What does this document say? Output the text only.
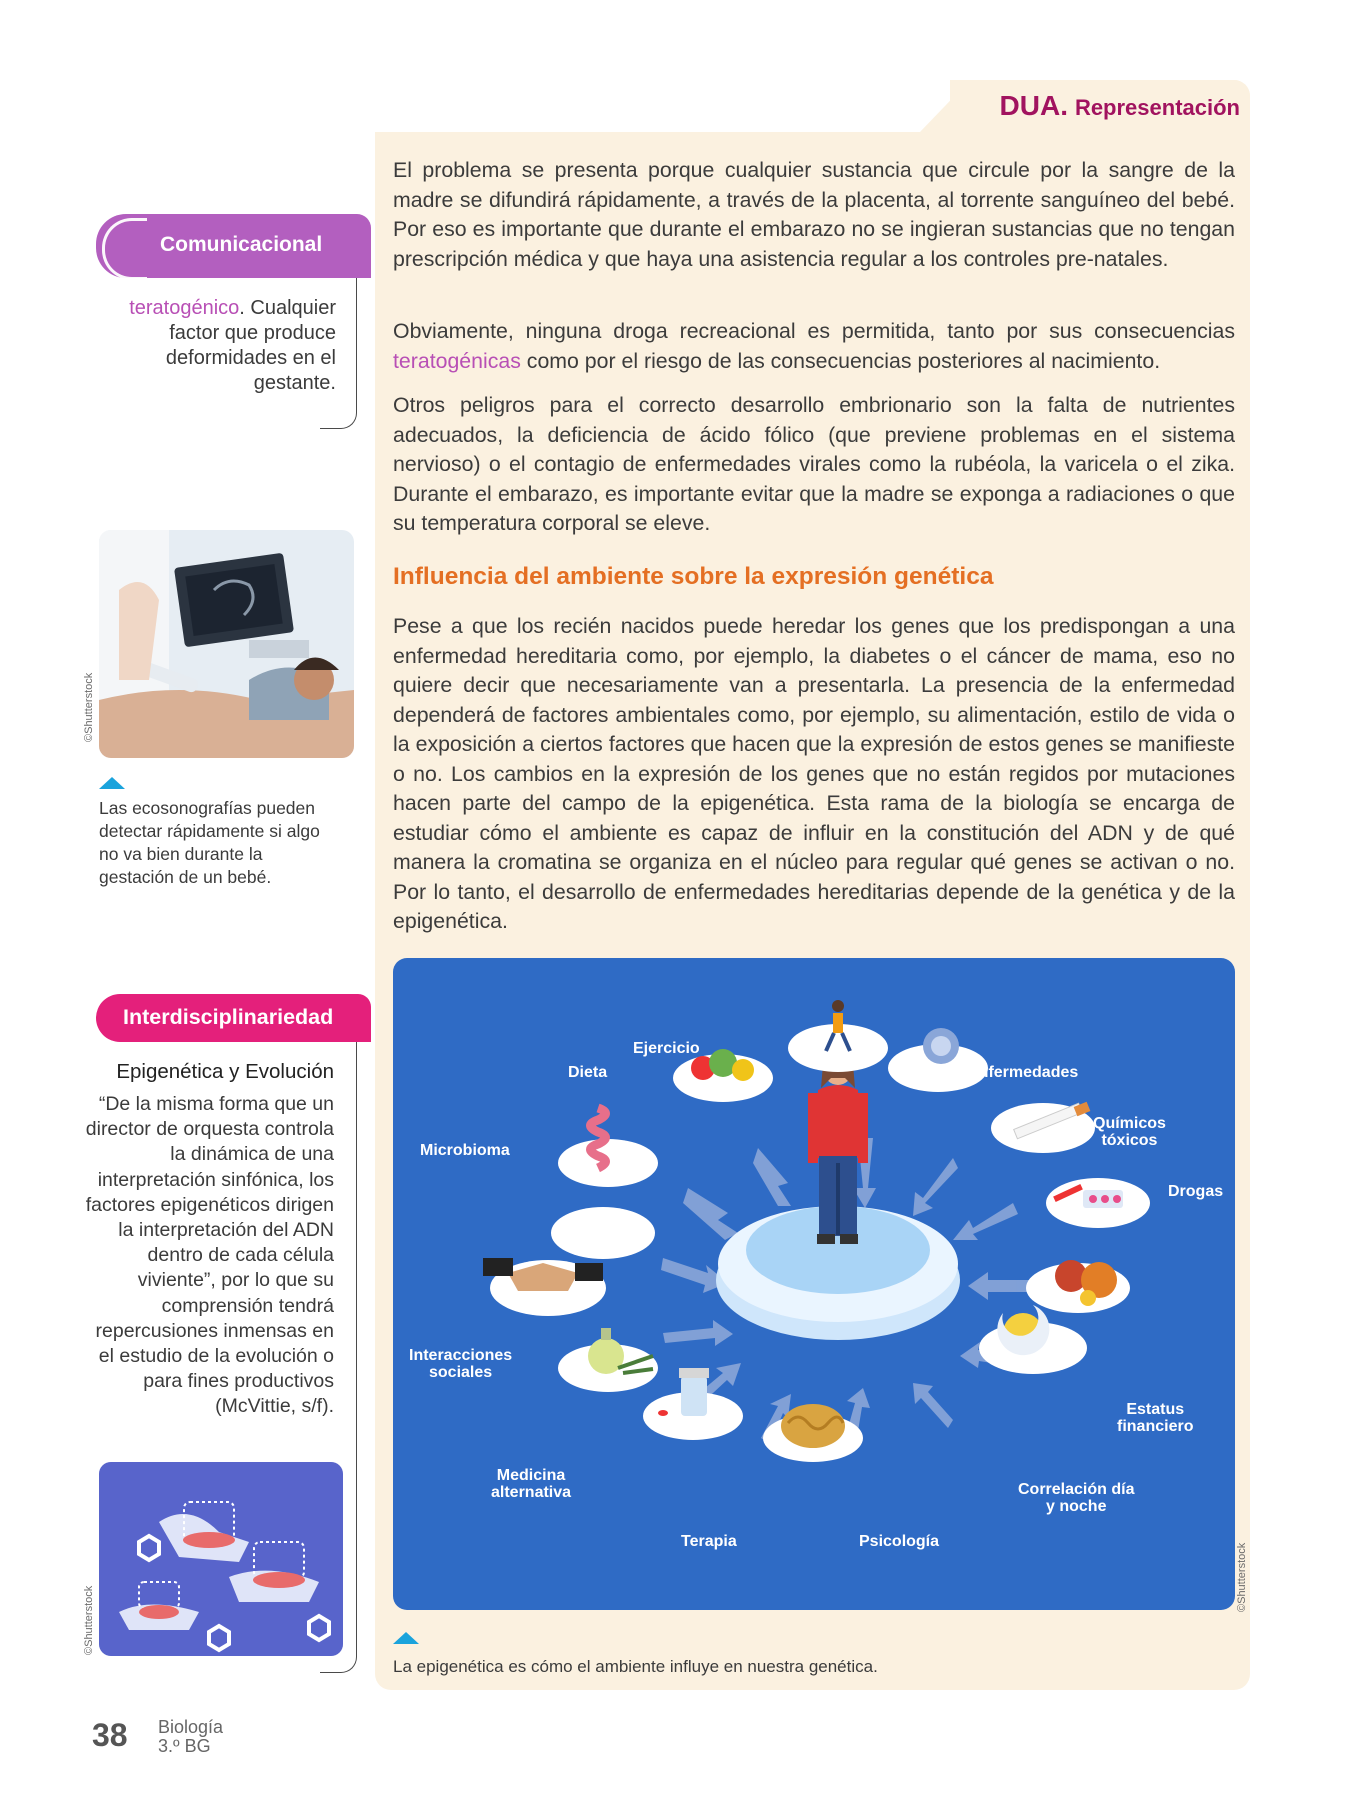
DUA. Representación

El problema se presenta porque cualquier sustancia que circule por la sangre de la madre se difundirá rápidamente, a través de la placenta, al torrente sanguíneo del bebé. Por eso es importante que durante el embarazo no se ingieran sustancias que no tengan prescripción médica y que haya una asistencia regular a los controles pre-natales.

Obviamente, ninguna droga recreacional es permitida, tanto por sus consecuencias teratogénicas como por el riesgo de las consecuencias posteriores al nacimiento.

Otros peligros para el correcto desarrollo embrionario son la falta de nutrientes adecuados, la deficiencia de ácido fólico (que previene problemas en el sistema nervioso) o el contagio de enfermedades virales como la rubéola, la varicela o el zika. Durante el embarazo, es importante evitar que la madre se exponga a radiaciones o que su temperatura corporal se eleve.

Influencia del ambiente sobre la expresión genética

Pese a que los recién nacidos puede heredar los genes que los predispongan a una enfermedad hereditaria como, por ejemplo, la diabetes o el cáncer de mama, eso no quiere decir que necesariamente van a presentarla. La presencia de la enfermedad dependerá de factores ambientales como, por ejemplo, su alimentación, estilo de vida o la exposición a ciertos factores que hacen que la expresión de estos genes se manifieste o no. Los cambios en la expresión de los genes que no están regidos por mutaciones hacen parte del campo de la epigenética. Esta rama de la biología se encarga de estudiar cómo el ambiente es capaz de influir en la constitución del ADN y de qué manera la cromatina se organiza en el núcleo para regular qué genes se activan o no. Por lo tanto, el desarrollo de enfermedades hereditarias depende de la genética y de la epigenética.

Ejercicio
Dieta	Enfermedades
Químicos
tóxicos
Microbioma
Drogas
Interacciones
sociales
Estatus
financiero
Medicina
alternativa	Correlación día
y noche
Terapia	Psicología
©Shutterstock
La epigenética es cómo el ambiente influye en nuestra genética.
Comunicacional
teratogénico. Cualquier factor que produce deformidades en el gestante.
©Shutterstock
Las ecosonografías pueden detectar rápidamente si algo no va bien durante la gestación de un bebé.
Interdisciplinariedad
Epigenética y Evolución
“De la misma forma que un director de orquesta controla la dinámica de una interpretación sinfónica, los factores epigenéticos dirigen la interpretación del ADN dentro de cada célula viviente”, por lo que su comprensión tendrá repercusiones inmensas en el estudio de la evolución o para fines productivos (McVittie, s/f).
©Shutterstock
38 Biología
3.º BG
